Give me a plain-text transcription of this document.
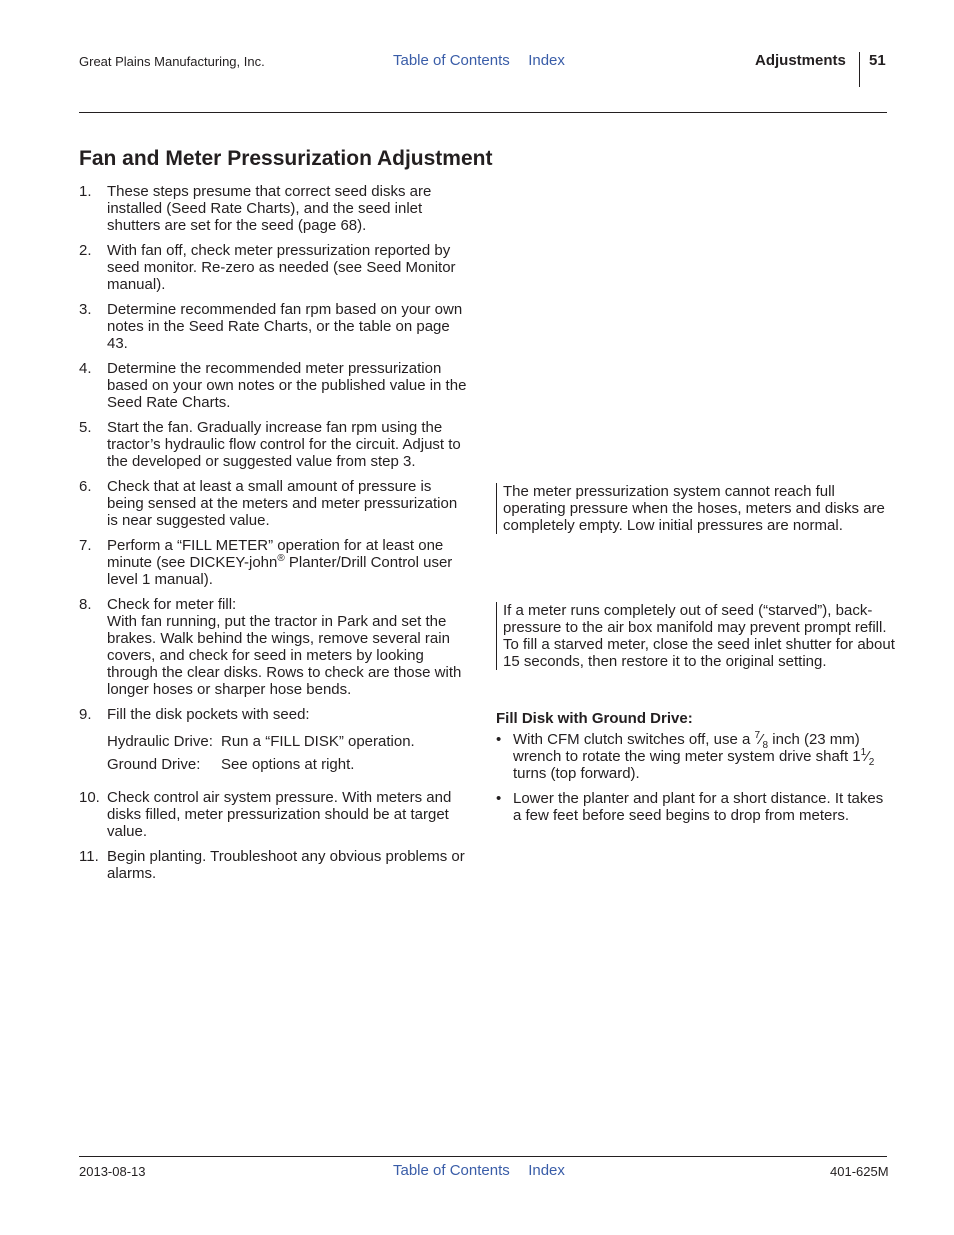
Great Plains Manufacturing, Inc.	Table of Contents Index	Adjustments 51
Fan and Meter Pressurization Adjustment
1.	These steps presume that correct seed disks are installed (Seed Rate Charts), and the seed inlet shutters are set for the seed (page 68).
2.	With fan off, check meter pressurization reported by seed monitor. Re-zero as needed (see Seed Monitor manual).
3.	Determine recommended fan rpm based on your own notes in the Seed Rate Charts, or the table on page 43.
4.	Determine the recommended meter pressurization based on your own notes or the published value in the Seed Rate Charts.
5.	Start the fan. Gradually increase fan rpm using the tractor’s hydraulic flow control for the circuit. Adjust to the developed or suggested value from step 3.
6.	Check that at least a small amount of pressure is being sensed at the meters and meter pressurization is near suggested value.
7.	Perform a “FILL METER” operation for at least one minute (see DICKEY-john® Planter/Drill Control user level 1 manual).
8.	Check for meter fill:
With fan running, put the tractor in Park and set the brakes. Walk behind the wings, remove several rain covers, and check for seed in meters by looking through the clear disks. Rows to check are those with longer hoses or sharper hose bends.
9.	Fill the disk pockets with seed:
Hydraulic Drive: Run a “FILL DISK” operation.
Ground Drive:	See options at right.
10. Check control air system pressure. With meters and disks filled, meter pressurization should be at target value.
11. Begin planting. Troubleshoot any obvious problems or alarms.
The meter pressurization system cannot reach full operating pressure when the hoses, meters and disks are completely empty. Low initial pressures are normal.
If a meter runs completely out of seed (“starved”), back-pressure to the air box manifold may prevent prompt refill. To fill a starved meter, close the seed inlet shutter for about 15 seconds, then restore it to the original setting.
Fill Disk with Ground Drive:
• With CFM clutch switches off, use a $^7⁄_8$ inch (23 mm) wrench to rotate the wing meter system drive shaft $1^1⁄_2$ turns (top forward).
• Lower the planter and plant for a short distance. It takes a few feet before seed begins to drop from meters.
2013-08-13	Table of Contents Index	401-625M
